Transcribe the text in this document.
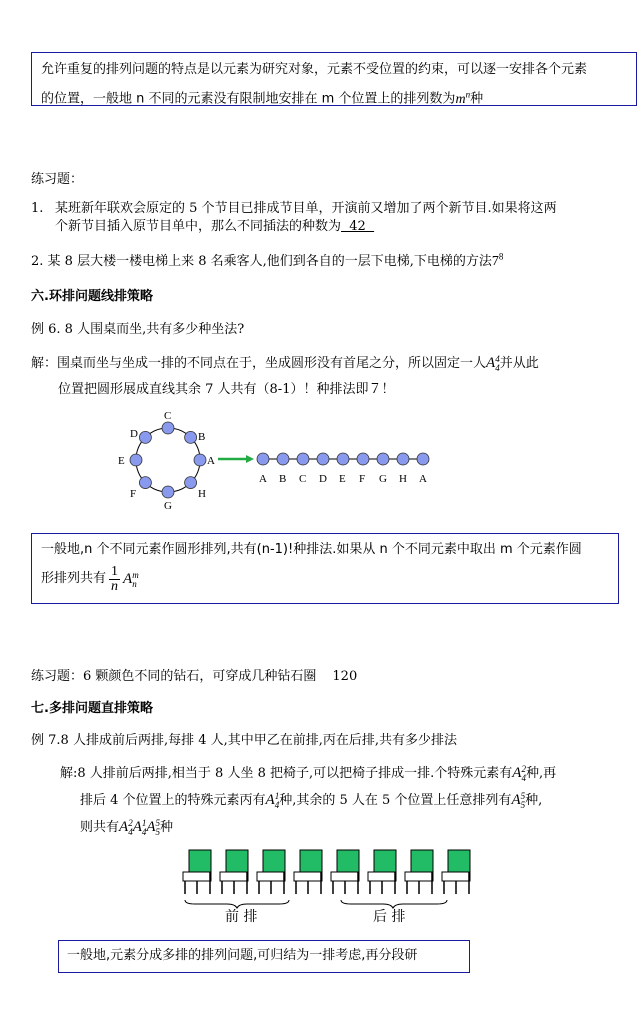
允许重复的排列问题的特点是以元素为研究对象，元素不受位置的约束，可以逐一安排各个元素
的位置，一般地 n 不同的元素没有限制地安排在 m 个位置上的排列数为$m^n$种
练习题：
1. 某班新年联欢会原定的 5 个节目已排成节目单，开演前又增加了两个新节目.如果将这两
个新节目插入原节目单中，那么不同插法的种数为  42
2. 某 8 层大楼一楼电梯上来 8 名乘客人,他们到各自的一层下电梯,下电梯的方法$7^8$
六.环排问题线排策略
例 6. 8 人围桌而坐,共有多少种坐法?
解：围桌而坐与坐成一排的不同点在于，坐成圆形没有首尾之分，所以固定一人A 4
4 并从此
位置把圆形展成直线其余 7 人共有（8-1）！种排法即７！
C
B
A
H
G
F
E
D
A B C D E F G H A
一般地,n 个不同元素作圆形排列,共有(n-1)!种排法.如果从 n 个不同元素中取出 m 个元素作圆
形排列共有 $\frac{1}{n}$ A m
n
练习题：6 颗颜色不同的钻石，可穿成几种钻石圈 120
七.多排问题直排策略
例 7.8 人排成前后两排,每排 4 人,其中甲乙在前排,丙在后排,共有多少排法
解:8 人排前后两排,相当于 8 人坐 8 把椅子,可以把椅子排成一排.个特殊元素有A 2
4 种,再
排后 4 个位置上的特殊元素丙有A 1
4 种,其余的 5 人在 5 个位置上任意排列有A 5
5 种,
则共有A 2
4 A 1
4 A 5
5 种
前 排	后 排
一般地,元素分成多排的排列问题,可归结为一排考虑,再分段研
